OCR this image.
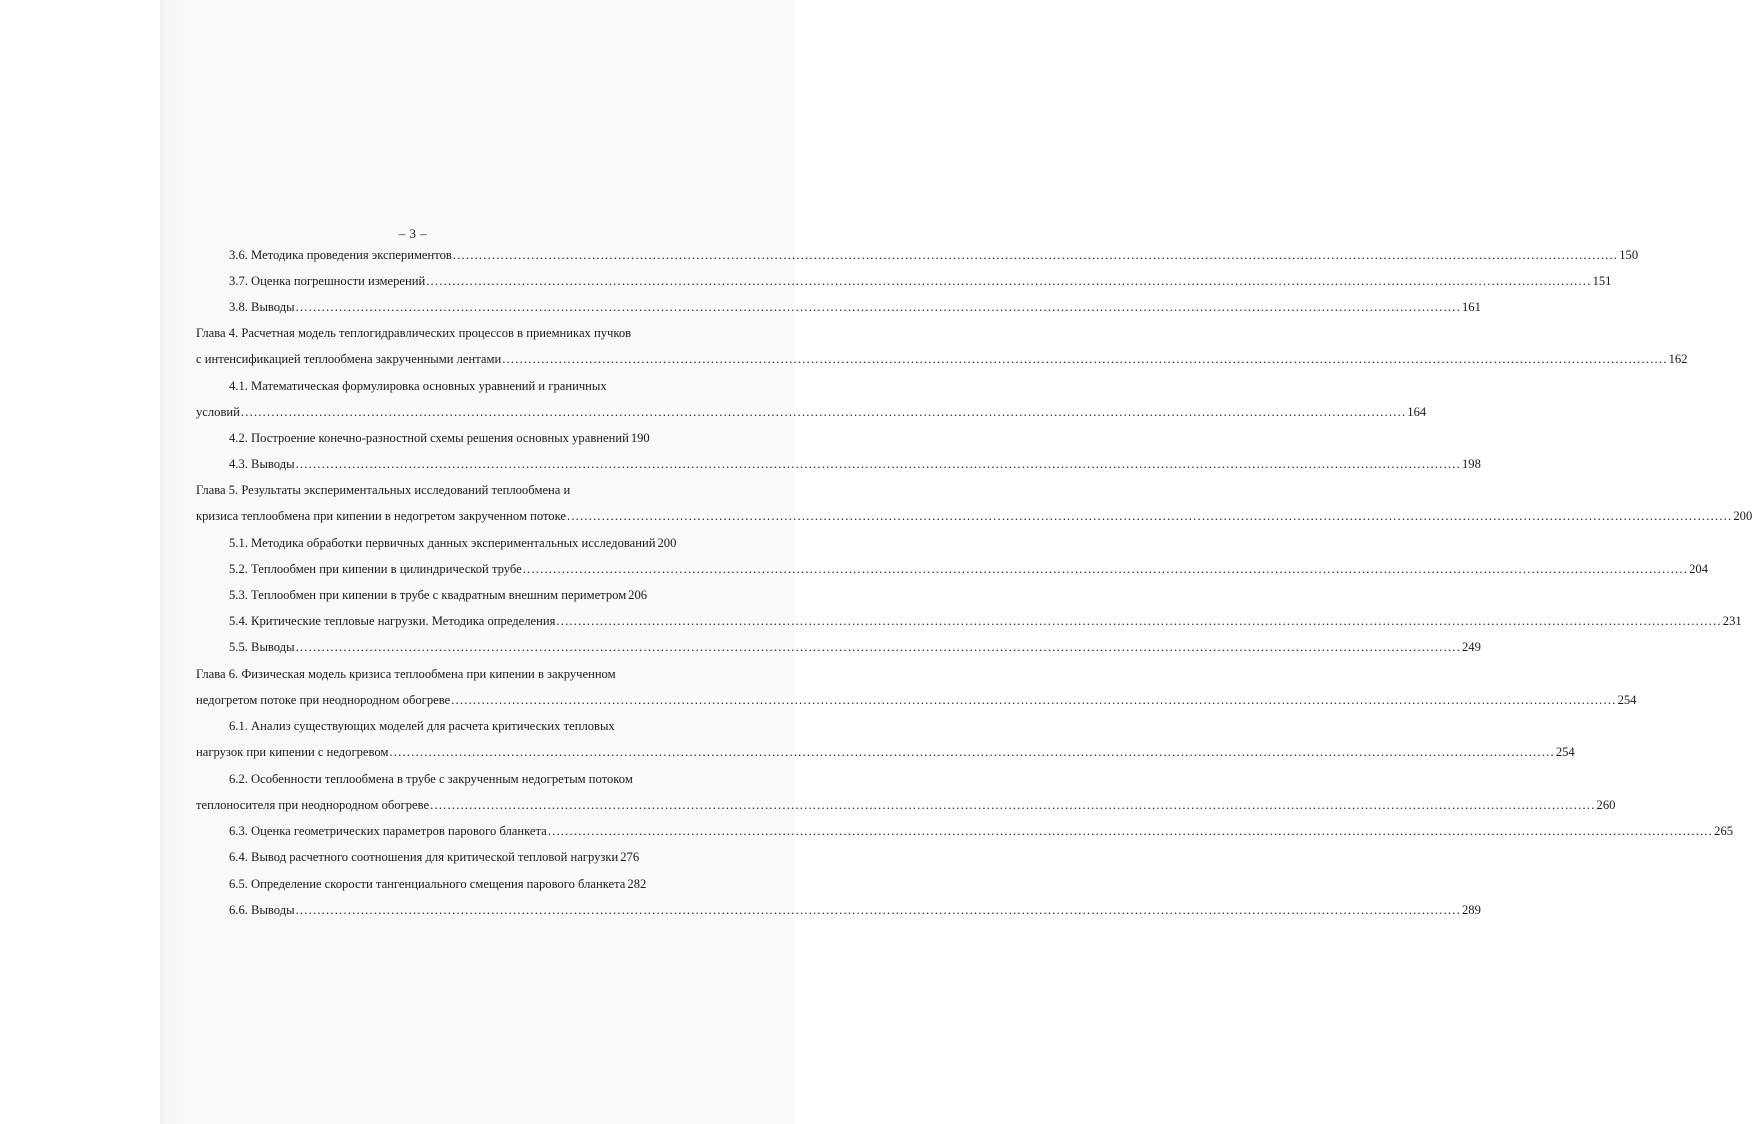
– 3 –
3.6. Методика проведения экспериментов .....	150
3.7. Оценка погрешности измерений .....	151
3.8. Выводы .....	161
Глава 4. Расчетная модель теплогидравлических процессов в приемниках пучков
с интенсификацией теплообмена закрученными лентами .....	162
4.1. Математическая формулировка основных уравнений и граничных
условий .....	164
4.2. Построение конечно-разностной схемы решения основных уравнений 190
4.3. Выводы .....	198
Глава 5. Результаты экспериментальных исследований теплообмена и
кризиса теплообмена при кипении в недогретом закрученном потоке .....	200
5.1. Методика обработки первичных данных экспериментальных исследований 200
5.2. Теплообмен при кипении в цилиндрической трубе .....	204
5.3. Теплообмен при кипении в трубе с квадратным внешним периметром 206
5.4. Критические тепловые нагрузки. Методика определения .....	231
5.5. Выводы .....	249
Глава 6. Физическая модель кризиса теплообмена при кипении в закрученном
недогретом потоке при неоднородном обогреве .....	254
6.1. Анализ существующих моделей для расчета критических тепловых
нагрузок при кипении с недогревом .....	254
6.2. Особенности теплообмена в трубе с закрученным недогретым потоком
теплоносителя при неоднородном обогреве .....	260
6.3. Оценка геометрических параметров парового бланкета .....	265
6.4. Вывод расчетного соотношения для критической тепловой нагрузки 276
6.5. Определение скорости тангенциального смещения парового бланкета 282
6.6. Выводы .....	289
